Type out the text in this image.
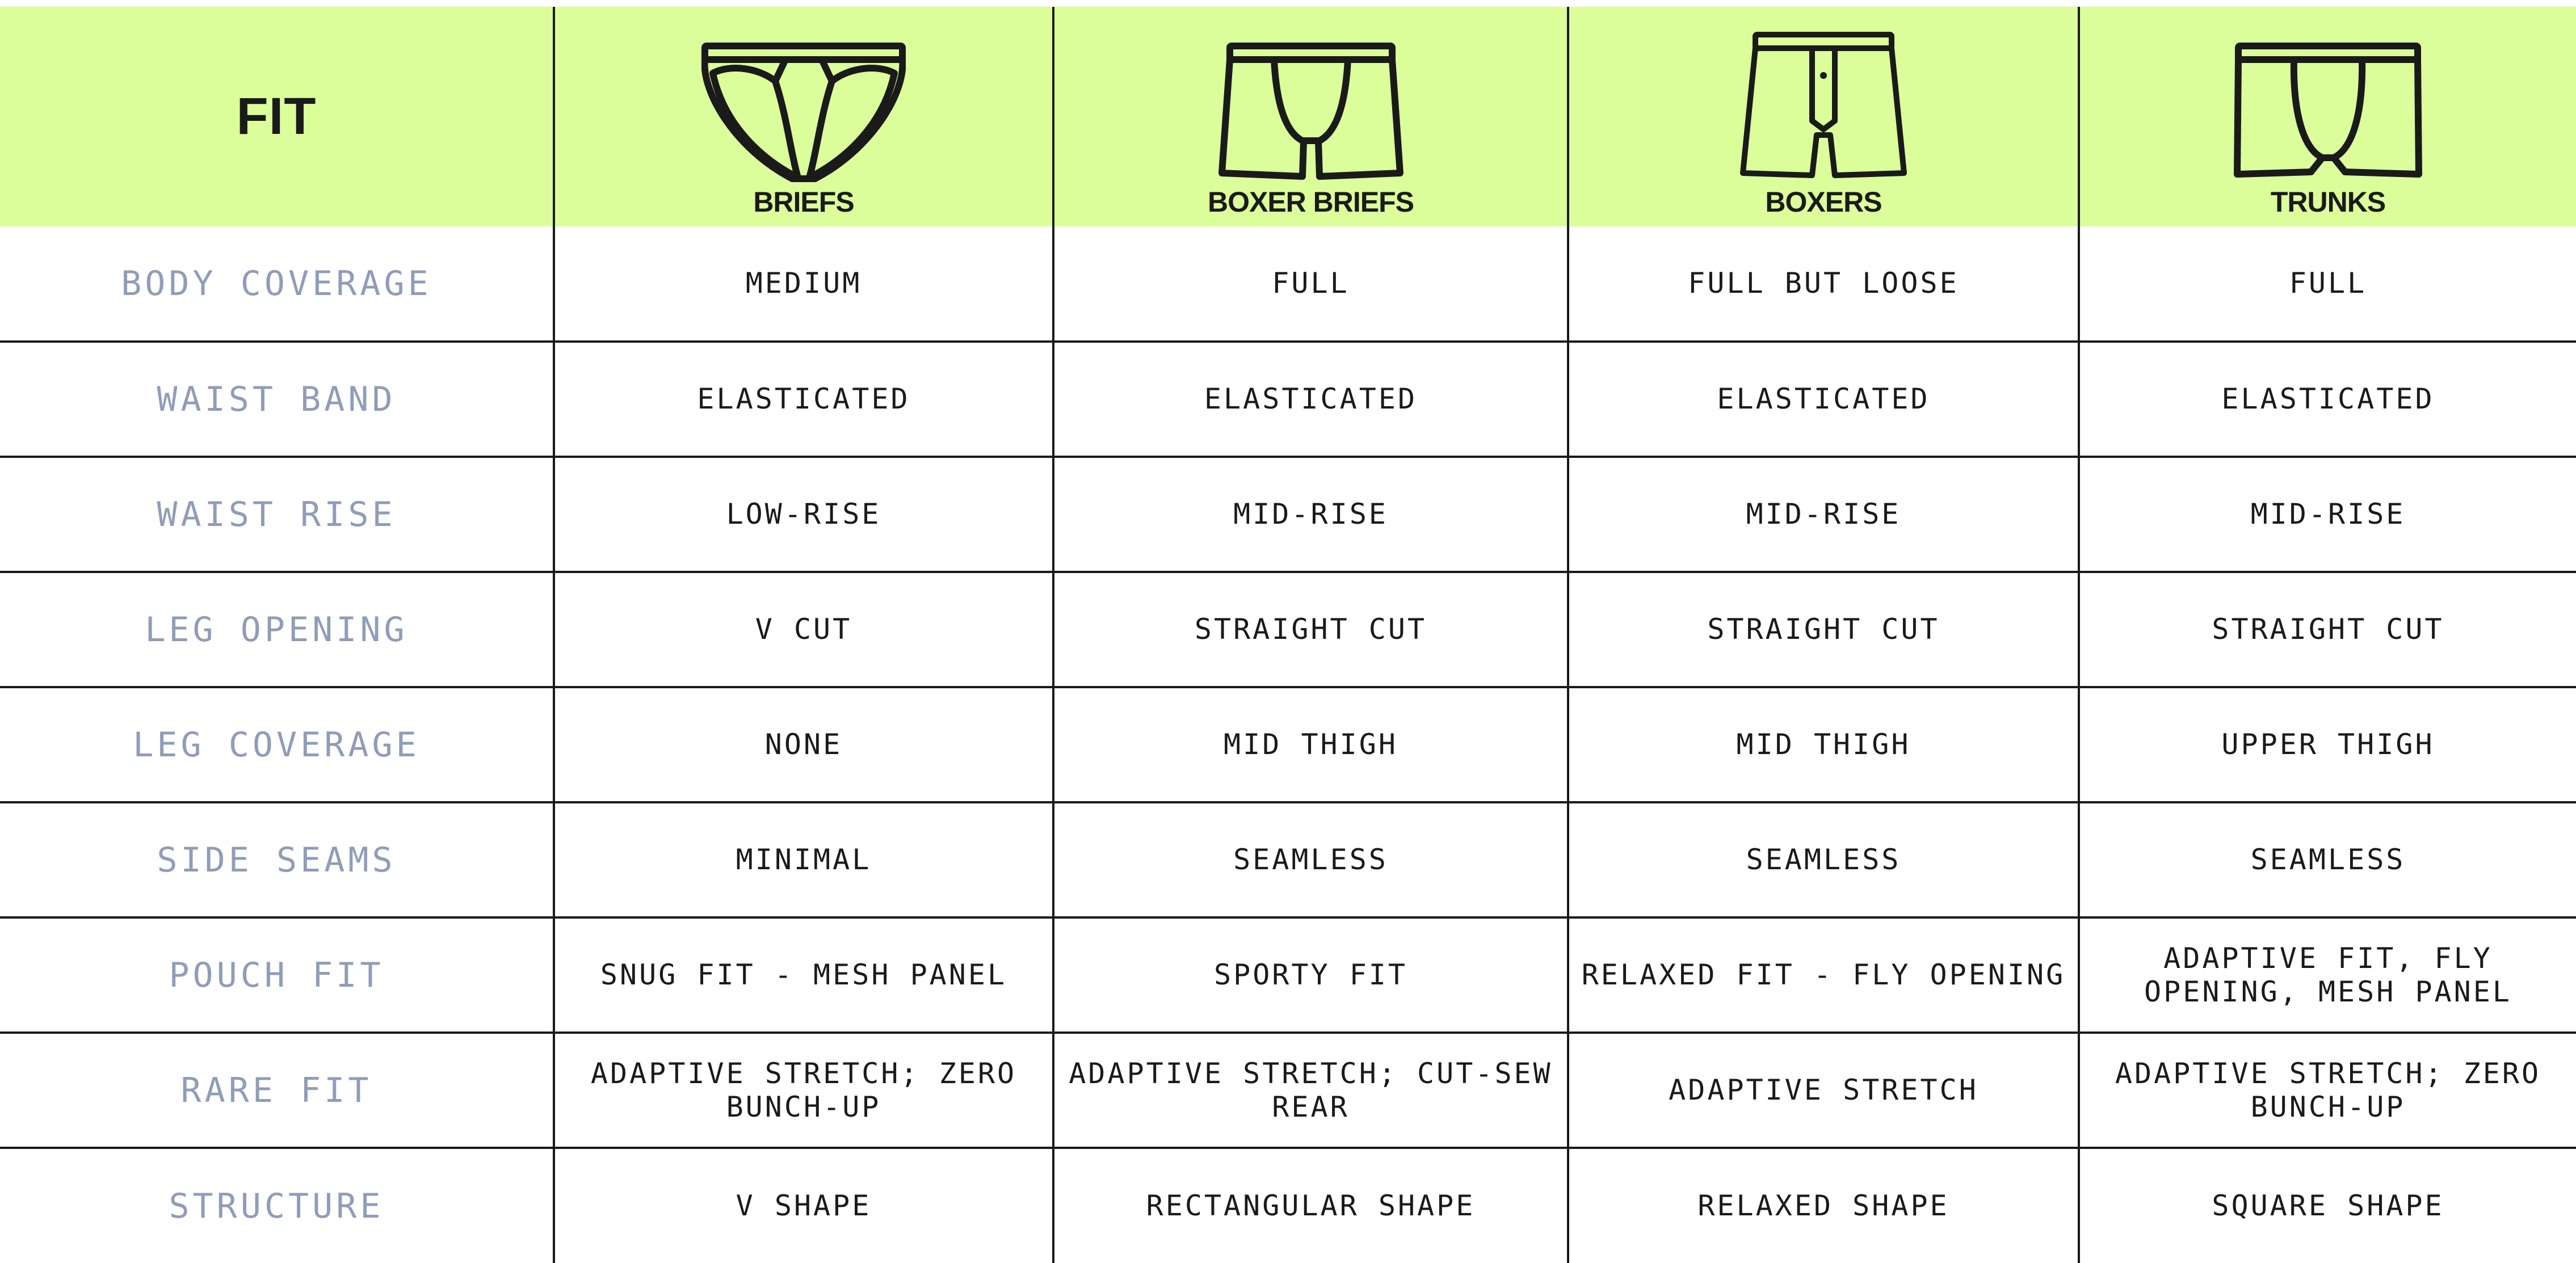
FIT	BRIEFS	BOXER BRIEFS	BOXERS	TRUNKS

BODY COVERAGE	MEDIUM	FULL	FULL BUT LOOSE	FULL
WAIST BAND	ELASTICATED	ELASTICATED	ELASTICATED	ELASTICATED
WAIST RISE	LOW-RISE	MID-RISE	MID-RISE	MID-RISE
LEG OPENING	V CUT	STRAIGHT CUT	STRAIGHT CUT	STRAIGHT CUT
LEG COVERAGE	NONE	MID THIGH	MID THIGH	UPPER THIGH
SIDE SEAMS	MINIMAL	SEAMLESS	SEAMLESS	SEAMLESS
POUCH FIT	SNUG FIT - MESH PANEL	SPORTY FIT	RELAXED FIT - FLY OPENING	ADAPTIVE FIT, FLY OPENING, MESH PANEL
RARE FIT	ADAPTIVE STRETCH; ZERO BUNCH-UP	ADAPTIVE STRETCH; CUT-SEW REAR	ADAPTIVE STRETCH	ADAPTIVE STRETCH; ZERO BUNCH-UP
STRUCTURE	V SHAPE	RECTANGULAR SHAPE	RELAXED SHAPE	SQUARE SHAPE
